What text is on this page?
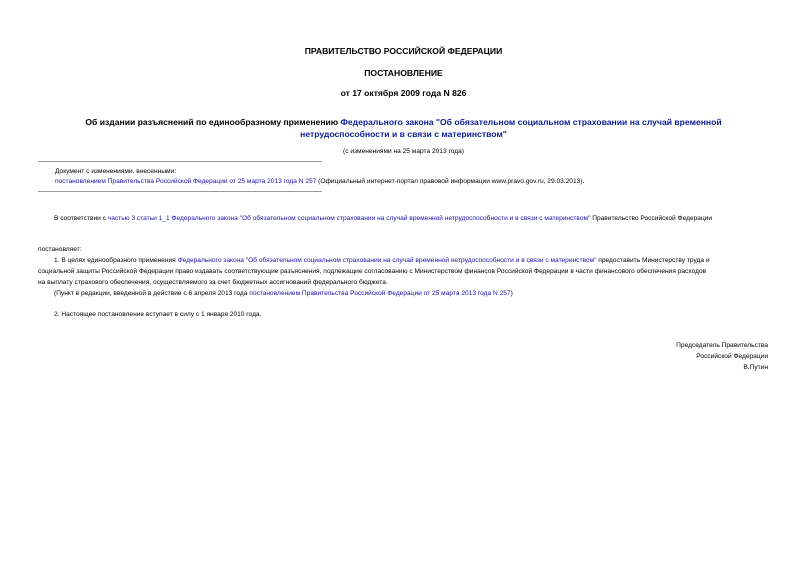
ПРАВИТЕЛЬСТВО РОССИЙСКОЙ ФЕДЕРАЦИИ
ПОСТАНОВЛЕНИЕ
от 17 октября 2009 года N 826
Об издании разъяснений по единообразному применению Федерального закона "Об обязательном социальном страховании на случай временной
нетрудоспособности и в связи с материнством"
(с изменениями на 25 марта 2013 года)
Документ с изменениями, внесенными:
постановлением Правительства Российской Федерации от 25 марта 2013 года N 257 (Официальный интернет-портал правовой информации www.pravo.gov.ru, 29.03.2013).
В соответствии с частью 3 статьи 1_1 Федерального закона "Об обязательном социальном страховании на случай временной нетрудоспособности и в связи с материнством" Правительство Российской Федерации
постановляет:
1. В целях единообразного применения Федерального закона "Об обязательном социальном страховании на случай временной нетрудоспособности и в связи с материнством" предоставить Министерству труда и
социальной защиты Российской Федерации право издавать соответствующие разъяснения, подлежащие согласованию с Министерством финансов Российской Федерации в части финансового обеспечения расходов
на выплату страхового обеспечения, осуществляемого за счет бюджетных ассигнований федерального бюджета.
(Пункт в редакции, введенной в действие с 6 апреля 2013 года постановлением Правительства Российской Федерации от 25 марта 2013 года N 257)
2. Настоящее постановление вступает в силу с 1 января 2010 года.
Председатель Правительства
Российской Федерации
В.Путин
